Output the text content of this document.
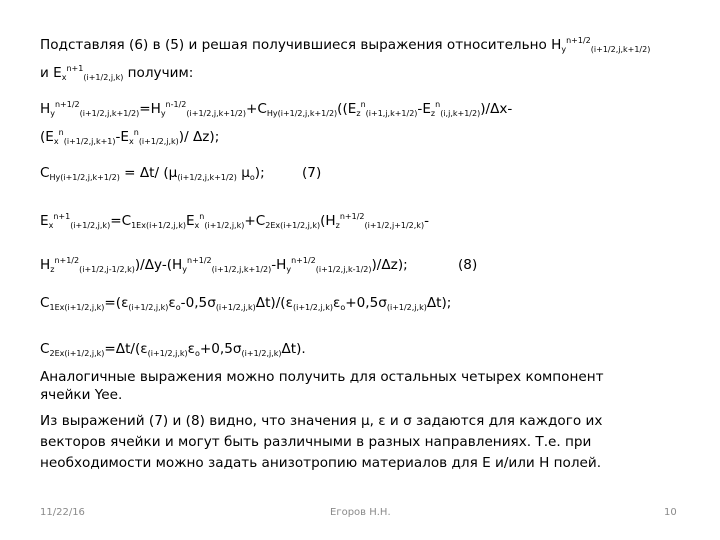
Подставляя (6) в (5) и решая получившиеся выражения относительно $H_y^{n+1/2}_{(i+1/2,j,k+1/2)}$
и $E_x^{n+1}_{(i+1/2,j,k)}$ получим:
$H_y^{n+1/2}_{(i+1/2,j,k+1/2)}=H_y^{n-1/2}_{(i+1/2,j,k+1/2)}+C_{Hy(i+1/2,j,k+1/2)}((E_z^n_{(i+1,j,k+1/2)}-E_z^n_{(i,j,k+1/2)})/\Delta x-$
$(E_x^n_{(i+1/2,j,k+1)}-E_x^n_{(i+1/2,j,k)})/$ Δz);
$C_{Hy(i+1/2,j,k+1/2)} = \Delta t/$ ($\mu_{(i+1/2,j,k+1/2)}$ $\mu_o$);	(7)
$E_x^{n+1}_{(i+1/2,j,k)}=C_{1Ex(i+1/2,j,k)}E_x^n_{(i+1/2,j,k)}+C_{2Ex(i+1/2,j,k)}(H_z^{n+1/2}_{(i+1/2,j+1/2,k)}-$
$H_z^{n+1/2}_{(i+1/2,j-1/2,k)})/\Delta y-(H_y^{n+1/2}_{(i+1/2,j,k+1/2)}-H_y^{n+1/2}_{(i+1/2,j,k-1/2)})/\Delta z$);	(8)
$C_{1Ex(i+1/2,j,k)}=(\varepsilon_{(i+1/2,j,k)}\varepsilon_o-0,5\sigma_{(i+1/2,j,k)}\Delta t)/(\varepsilon_{(i+1/2,j,k)}\varepsilon_o+0,5\sigma_{(i+1/2,j,k)}\Delta t)$;
$C_{2Ex(i+1/2,j,k)}=\Delta t/(\varepsilon_{(i+1/2,j,k)}\varepsilon_o+0,5\sigma_{(i+1/2,j,k)}\Delta t)$.
Аналогичные выражения можно получить для остальных четырех компонент
ячейки Yee.
Из выражений (7) и (8) видно, что значения μ, ε и σ задаются для каждого их
векторов ячейки и могут быть различными в разных направлениях. Т.е. при
необходимости можно задать анизотропию материалов для E и/или H полей.
11/22/16	Егоров Н.Н.	10
